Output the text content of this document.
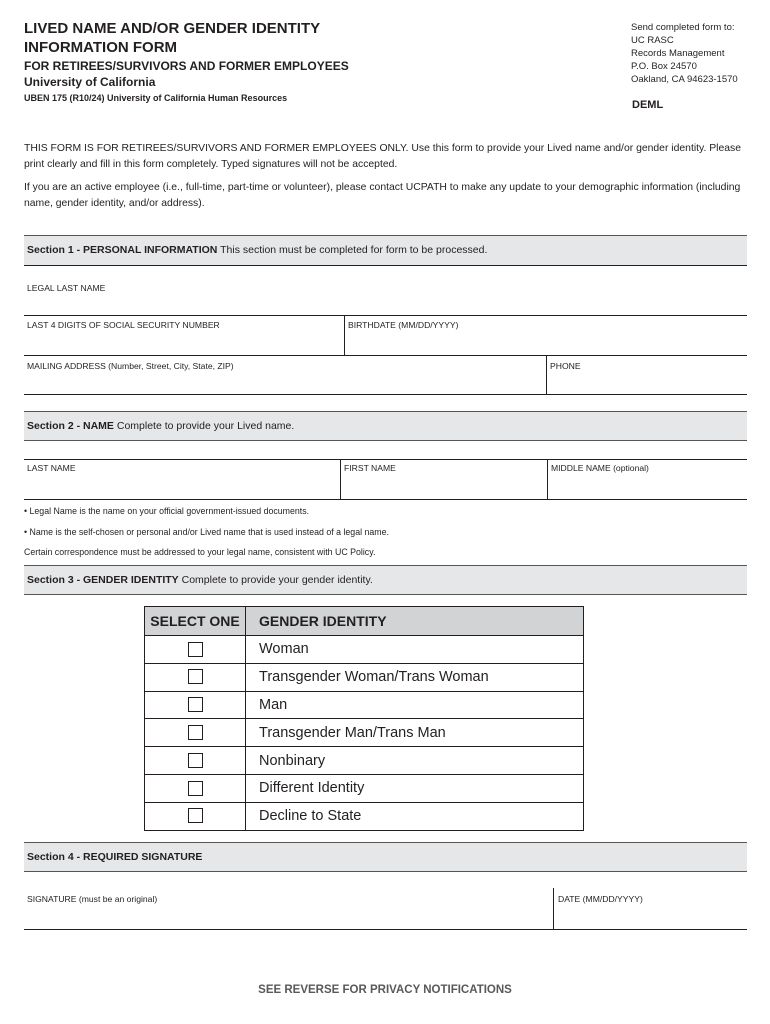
LIVED NAME AND/OR GENDER IDENTITY INFORMATION FORM
FOR RETIREES/SURVIVORS AND FORMER EMPLOYEES
University of California
UBEN 175 (R10/24) University of California Human Resources
Send completed form to:
UC RASC
Records Management
P.O. Box 24570
Oakland, CA 94623-1570
DEML
THIS FORM IS FOR RETIREES/SURVIVORS AND FORMER EMPLOYEES ONLY. Use this form to provide your Lived name and/or gender identity. Please print clearly and fill in this form completely. Typed signatures will not be accepted.
If you are an active employee (i.e., full-time, part-time or volunteer), please contact UCPATH to make any update to your demographic information (including name, gender identity, and/or address).
Section 1 - PERSONAL INFORMATION This section must be completed for form to be processed.
LEGAL LAST NAME
LAST 4 DIGITS OF SOCIAL SECURITY NUMBER	BIRTHDATE (MM/DD/YYYY)
MAILING ADDRESS (Number, Street, City, State, ZIP)	PHONE
Section 2 - NAME Complete to provide your Lived name.
LAST NAME	FIRST NAME	MIDDLE NAME (optional)
• Legal Name is the name on your official government-issued documents.
• Name is the self-chosen or personal and/or Lived name that is used instead of a legal name.
Certain correspondence must be addressed to your legal name, consistent with UC Policy.
Section 3 - GENDER IDENTITY Complete to provide your gender identity.
SELECT ONE	GENDER IDENTITY
	Woman
	Transgender Woman/Trans Woman
	Man
	Transgender Man/Trans Man
	Nonbinary
	Different Identity
	Decline to State
Section 4 - REQUIRED SIGNATURE
SIGNATURE (must be an original)	DATE (MM/DD/YYYY)
SEE REVERSE FOR PRIVACY NOTIFICATIONS
